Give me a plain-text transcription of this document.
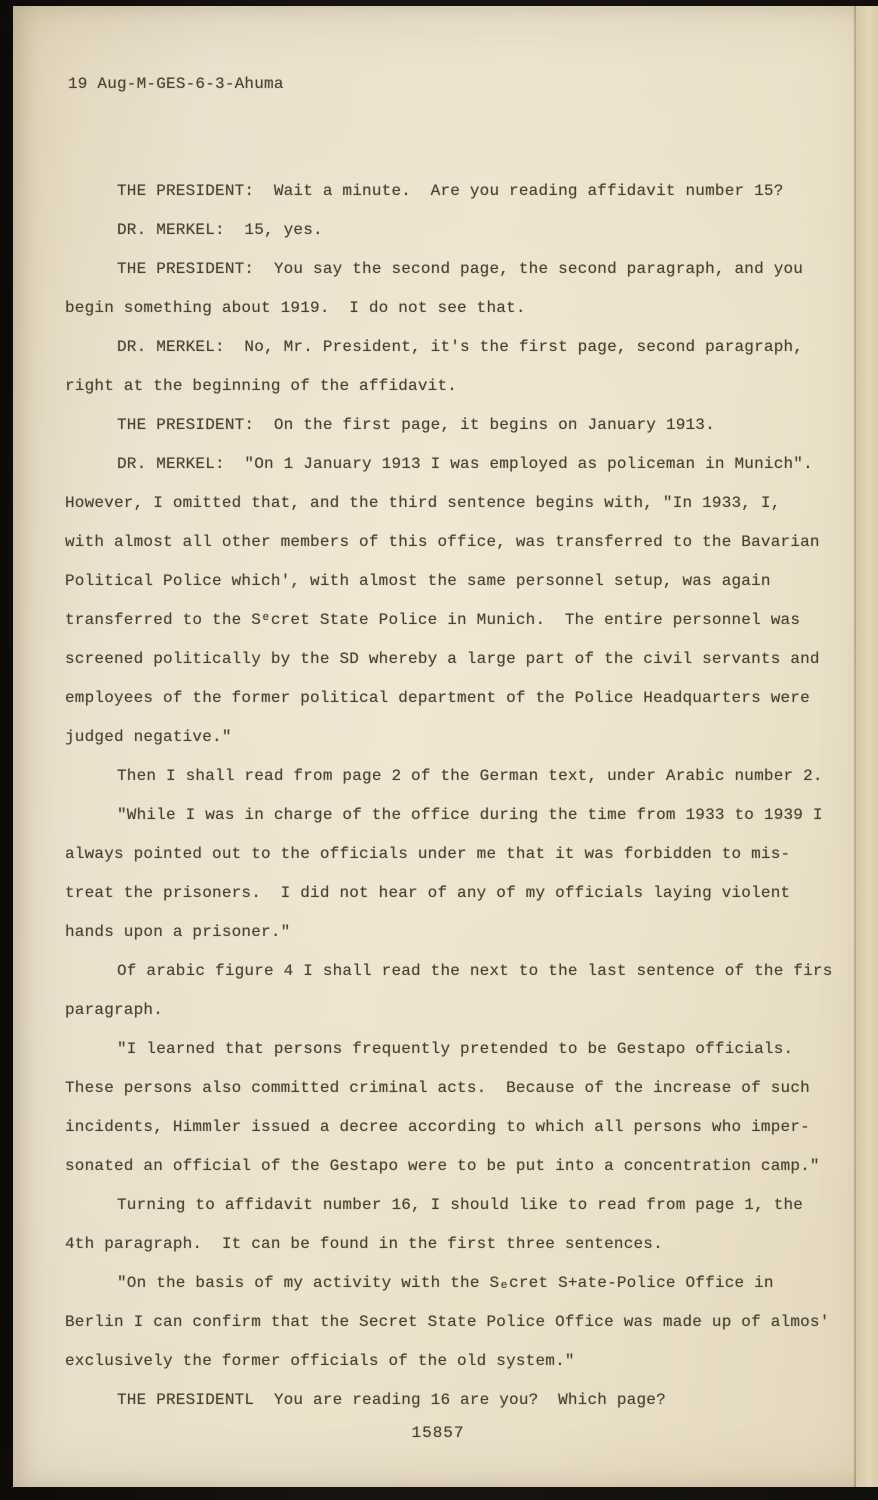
19 Aug-M-GES-6-3-Ahuma
THE PRESIDENT:  Wait a minute.  Are you reading affidavit number 15?
DR. MERKEL:  15, yes.
THE PRESIDENT:  You say the second page, the second paragraph, and you
begin something about 1919.  I do not see that.
DR. MERKEL:  No, Mr. President, it's the first page, second paragraph,
right at the beginning of the affidavit.
THE PRESIDENT:  On the first page, it begins on January 1913.
DR. MERKEL:  "On 1 January 1913 I was employed as policeman in Munich".
However, I omitted that, and the third sentence begins with, "In 1933, I,
with almost all other members of this office, was transferred to the Bavarian
Political Police which', with almost the same personnel setup, was again
transferred to the Sᵉcret State Police in Munich.  The entire personnel was
screened politically by the SD whereby a large part of the civil servants and
employees of the former political department of the Police Headquarters were
judged negative."
Then I shall read from page 2 of the German text, under Arabic number 2.
"While I was in charge of the office during the time from 1933 to 1939 I
always pointed out to the officials under me that it was forbidden to mis-
treat the prisoners.  I did not hear of any of my officials laying violent
hands upon a prisoner."
Of arabic figure 4 I shall read the next to the last sentence of the firs
paragraph.
"I learned that persons frequently pretended to be Gestapo officials.
These persons also committed criminal acts.  Because of the increase of such
incidents, Himmler issued a decree according to which all persons who imper-
sonated an official of the Gestapo were to be put into a concentration camp."
Turning to affidavit number 16, I should like to read from page 1, the
4th paragraph.  It can be found in the first three sentences.
"On the basis of my activity with the Sₑcret S+ate-Police Office in
Berlin I can confirm that the Secret State Police Office was made up of almos'
exclusively the former officials of the old system."
THE PRESIDENTL  You are reading 16 are you?  Which page?
15857
